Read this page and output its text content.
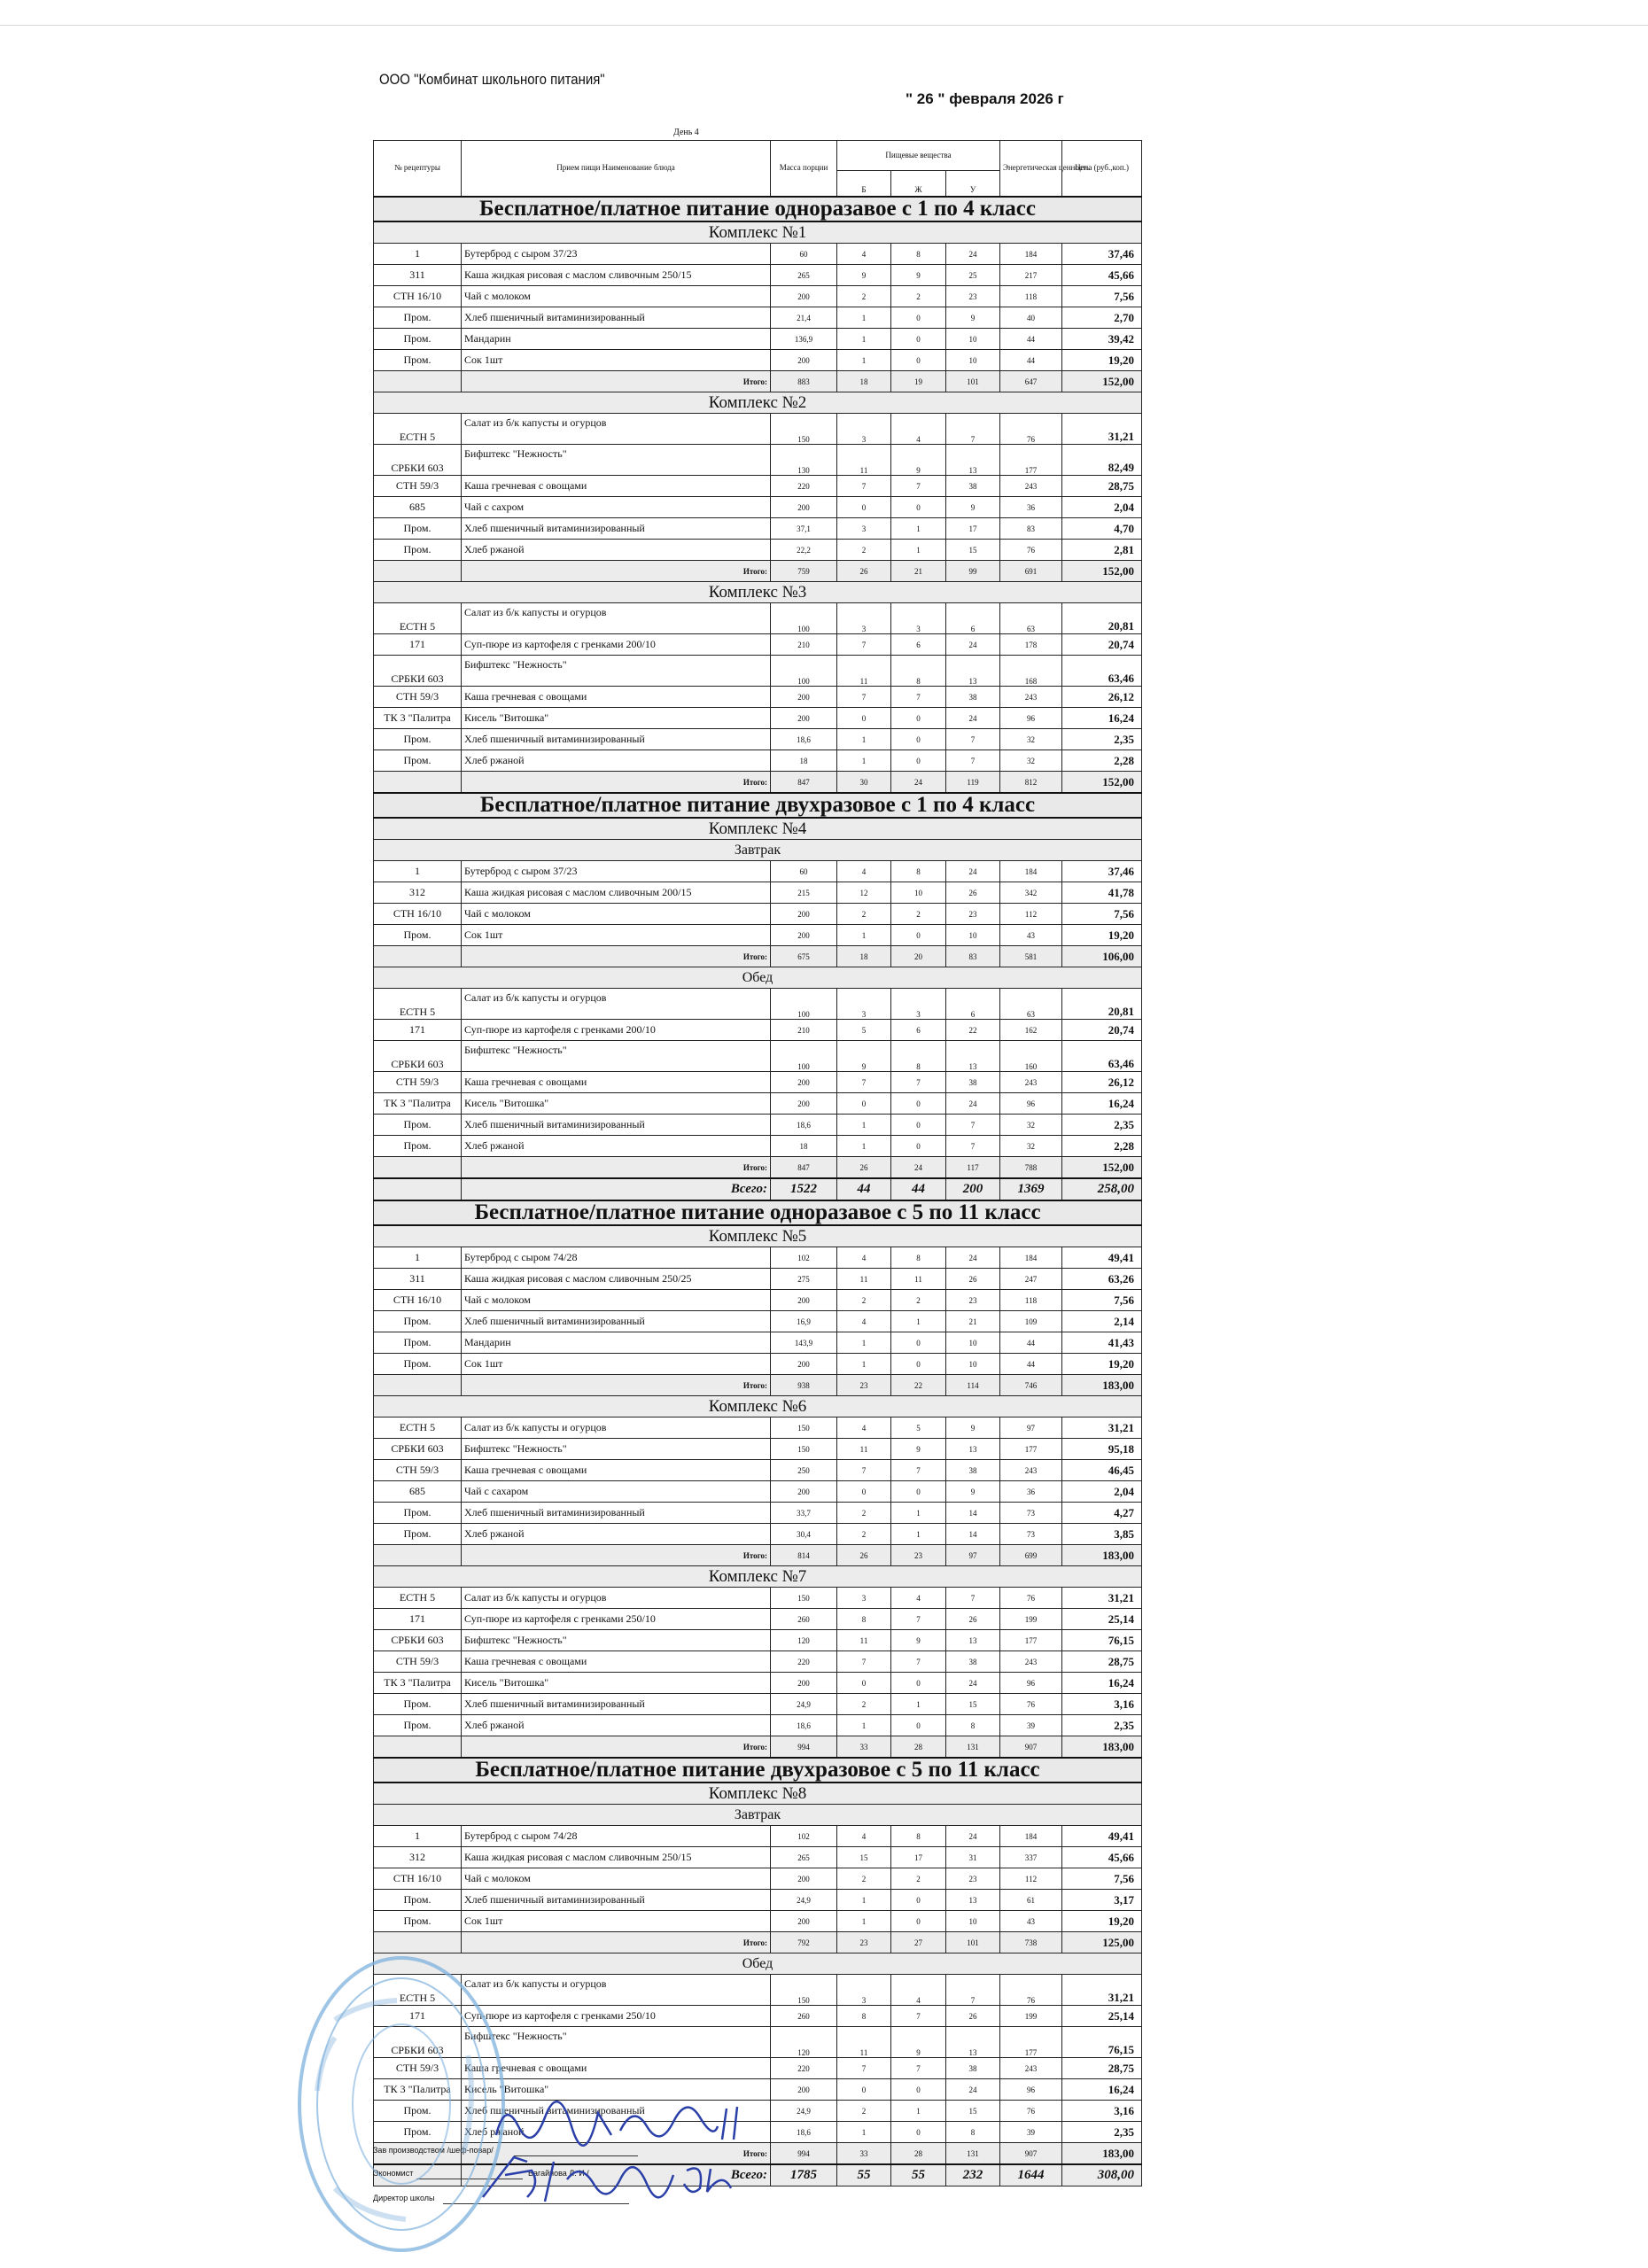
ООО "Комбинат школьного питания"
" 26 " февраля 2026 г
День 4
№ рецептуры	Прием пищи Наименование блюда	Масса порции	Пищевые вещества			Энергетическая ценность	Цена (руб.,коп.)
			Б	Ж	У		
Бесплатное/платное питание одноразавое с 1 по 4 класс							
Комплекс №1							
1	Бутерброд с сыром 37/23	60	4	8	24	184	37,46
311	Каша жидкая рисовая с маслом сливочным 250/15	265	9	9	25	217	45,66
СТН 16/10	Чай с молоком	200	2	2	23	118	7,56
Пром.	Хлеб пшеничный витаминизированный	21,4	1	0	9	40	2,70
Пром.	Мандарин	136,9	1	0	10	44	39,42
Пром.	Сок 1шт	200	1	0	10	44	19,20
	Итого:	883	18	19	101	647	152,00
Комплекс №2							
ЕСТН 5	Салат из б/к капусты и огурцов	150	3	4	7	76	31,21
СРБКИ 603	Бифштекс "Нежность"	130	11	9	13	177	82,49
СТН 59/3	Каша гречневая с овощами	220	7	7	38	243	28,75
685	Чай с сахром	200	0	0	9	36	2,04
Пром.	Хлеб пшеничный витаминизированный	37,1	3	1	17	83	4,70
Пром.	Хлеб ржаной	22,2	2	1	15	76	2,81
	Итого:	759	26	21	99	691	152,00
Комплекс №3							
ЕСТН 5	Салат из б/к капусты и огурцов	100	3	3	6	63	20,81
171	Суп-пюре из картофеля с гренками 200/10	210	7	6	24	178	20,74
СРБКИ 603	Бифштекс "Нежность"	100	11	8	13	168	63,46
СТН 59/3	Каша гречневая с овощами	200	7	7	38	243	26,12
ТК 3 "Палитра	Кисель "Витошка"	200	0	0	24	96	16,24
Пром.	Хлеб пшеничный витаминизированный	18,6	1	0	7	32	2,35
Пром.	Хлеб ржаной	18	1	0	7	32	2,28
	Итого:	847	30	24	119	812	152,00
Бесплатное/платное питание двухразовое с 1 по 4 класс							
Комплекс №4							
Завтрак							
1	Бутерброд с сыром 37/23	60	4	8	24	184	37,46
312	Каша жидкая рисовая с маслом сливочным 200/15	215	12	10	26	342	41,78
СТН 16/10	Чай с молоком	200	2	2	23	112	7,56
Пром.	Сок 1шт	200	1	0	10	43	19,20
	Итого:	675	18	20	83	581	106,00
Обед							
ЕСТН 5	Салат из б/к капусты и огурцов	100	3	3	6	63	20,81
171	Суп-пюре из картофеля с гренками 200/10	210	5	6	22	162	20,74
СРБКИ 603	Бифштекс "Нежность"	100	9	8	13	160	63,46
СТН 59/3	Каша гречневая с овощами	200	7	7	38	243	26,12
ТК 3 "Палитра	Кисель "Витошка"	200	0	0	24	96	16,24
Пром.	Хлеб пшеничный витаминизированный	18,6	1	0	7	32	2,35
Пром.	Хлеб ржаной	18	1	0	7	32	2,28
	Итого:	847	26	24	117	788	152,00
	Всего:	1522	44	44	200	1369	258,00
Бесплатное/платное питание одноразавое с 5 по 11 класс							
Комплекс №5							
1	Бутерброд с сыром 74/28	102	4	8	24	184	49,41
311	Каша жидкая рисовая с маслом сливочным 250/25	275	11	11	26	247	63,26
СТН 16/10	Чай с молоком	200	2	2	23	118	7,56
Пром.	Хлеб пшеничный витаминизированный	16,9	4	1	21	109	2,14
Пром.	Мандарин	143,9	1	0	10	44	41,43
Пром.	Сок 1шт	200	1	0	10	44	19,20
	Итого:	938	23	22	114	746	183,00
Комплекс №6							
ЕСТН 5	Салат из б/к капусты и огурцов	150	4	5	9	97	31,21
СРБКИ 603	Бифштекс "Нежность"	150	11	9	13	177	95,18
СТН 59/3	Каша гречневая с овощами	250	7	7	38	243	46,45
685	Чай с сахаром	200	0	0	9	36	2,04
Пром.	Хлеб пшеничный витаминизированный	33,7	2	1	14	73	4,27
Пром.	Хлеб ржаной	30,4	2	1	14	73	3,85
	Итого:	814	26	23	97	699	183,00
Комплекс №7							
ЕСТН 5	Салат из б/к капусты и огурцов	150	3	4	7	76	31,21
171	Суп-пюре из картофеля с гренками 250/10	260	8	7	26	199	25,14
СРБКИ 603	Бифштекс "Нежность"	120	11	9	13	177	76,15
СТН 59/3	Каша гречневая с овощами	220	7	7	38	243	28,75
ТК 3 "Палитра	Кисель "Витошка"	200	0	0	24	96	16,24
Пром.	Хлеб пшеничный витаминизированный	24,9	2	1	15	76	3,16
Пром.	Хлеб ржаной	18,6	1	0	8	39	2,35
	Итого:	994	33	28	131	907	183,00
Бесплатное/платное питание двухразовое с 5 по 11 класс							
Комплекс №8							
Завтрак							
1	Бутерброд с сыром 74/28	102	4	8	24	184	49,41
312	Каша жидкая рисовая с маслом сливочным 250/15	265	15	17	31	337	45,66
СТН 16/10	Чай с молоком	200	2	2	23	112	7,56
Пром.	Хлеб пшеничный витаминизированный	24,9	1	0	13	61	3,17
Пром.	Сок 1шт	200	1	0	10	43	19,20
	Итого:	792	23	27	101	738	125,00
Обед							
ЕСТН 5	Салат из б/к капусты и огурцов	150	3	4	7	76	31,21
171	Суп-пюре из картофеля с гренками 250/10	260	8	7	26	199	25,14
СРБКИ 603	Бифштекс "Нежность"	120	11	9	13	177	76,15
СТН 59/3	Каша гречневая с овощами	220	7	7	38	243	28,75
ТК 3 "Палитра	Кисель "Витошка"	200	0	0	24	96	16,24
Пром.	Хлеб пшеничный витаминизированный	24,9	2	1	15	76	3,16
Пром.	Хлеб ржаной	18,6	1	0	8	39	2,35
	Итого:	994	33	28	131	907	183,00
	Всего:	1785	55	55	232	1644	308,00
Зав производством /шеф-повар/
Экономист	Вагайнова Л. И /
Директор школы
